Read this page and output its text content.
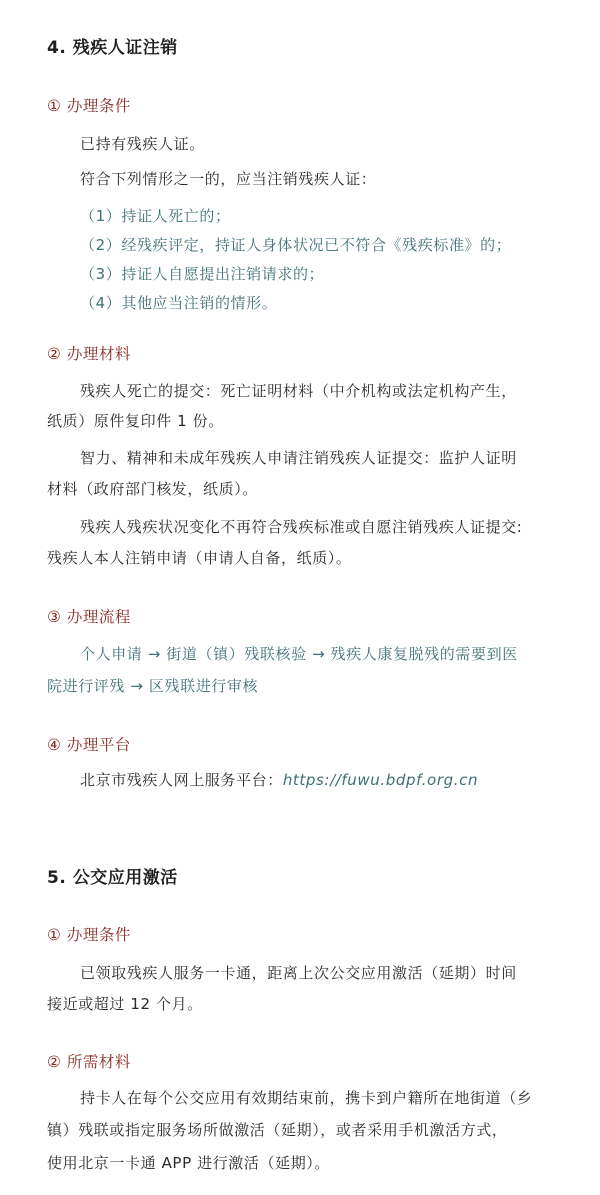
4. 残疾人证注销
① 办理条件
已持有残疾人证。
符合下列情形之一的，应当注销残疾人证：
（1）持证人死亡的；
（2）经残疾评定，持证人身体状况已不符合《残疾标准》的；
（3）持证人自愿提出注销请求的；
（4）其他应当注销的情形。
② 办理材料
残疾人死亡的提交：死亡证明材料（中介机构或法定机构产生，
纸质）原件复印件 1 份。
智力、精神和未成年残疾人申请注销残疾人证提交：监护人证明
材料（政府部门核发，纸质）。
残疾人残疾状况变化不再符合残疾标准或自愿注销残疾人证提交:
残疾人本人注销申请（申请人自备，纸质）。
③ 办理流程
个人申请 → 街道（镇）残联核验 → 残疾人康复脱残的需要到医
院进行评残 → 区残联进行审核
④ 办理平台
北京市残疾人网上服务平台：https://fuwu.bdpf.org.cn
5. 公交应用激活
① 办理条件
已领取残疾人服务一卡通，距离上次公交应用激活（延期）时间
接近或超过 12 个月。
② 所需材料
持卡人在每个公交应用有效期结束前，携卡到户籍所在地街道（乡
镇）残联或指定服务场所做激活（延期），或者采用手机激活方式，
使用北京一卡通 APP 进行激活（延期）。
